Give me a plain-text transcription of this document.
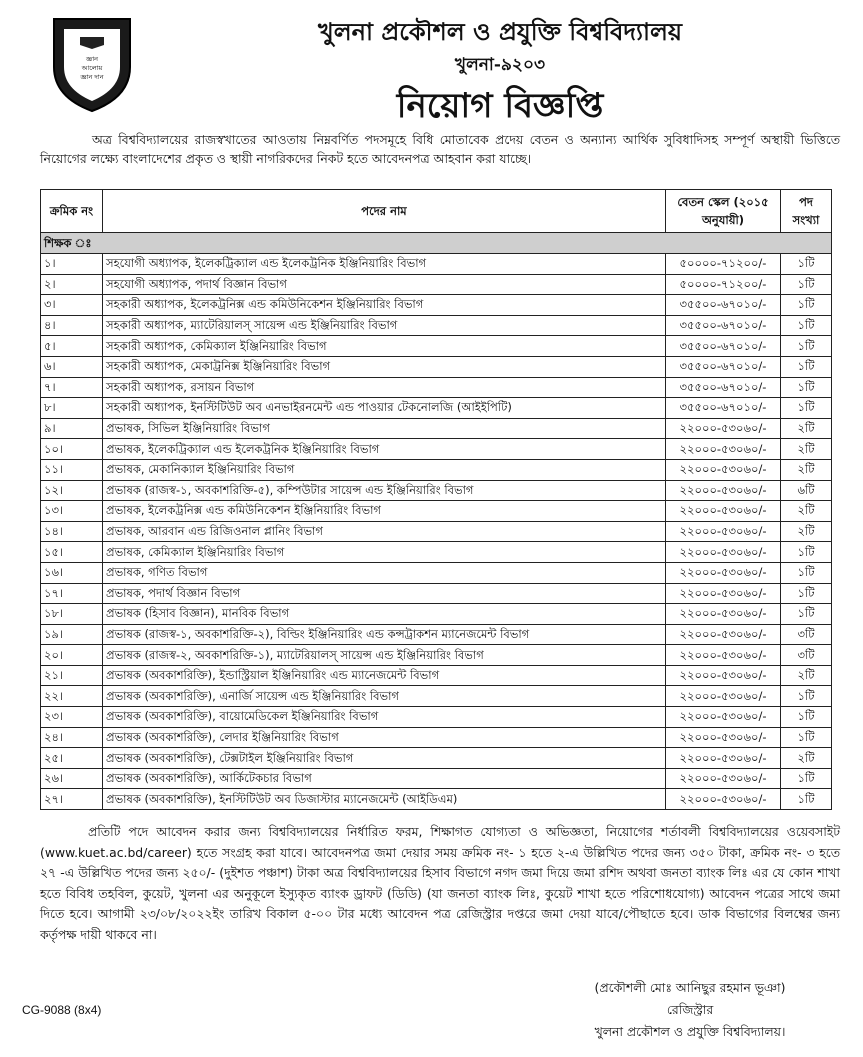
জ্ঞান
আলোয়
জ্ঞান দান
খুলনা প্রকৌশল ও প্রযুক্তি বিশ্ববিদ্যালয়
খুলনা-৯২০৩
নিয়োগ বিজ্ঞপ্তি
অত্র বিশ্ববিদ্যালয়ের রাজস্বখাতের আওতায় নিম্নবর্ণিত পদসমূহে বিধি মোতাবেক প্রদেয় বেতন ও অন্যান্য আর্থিক সুবিধাদিসহ সম্পূর্ণ অস্থায়ী ভিত্তিতে নিয়োগের লক্ষ্যে বাংলাদেশের প্রকৃত ও স্থায়ী নাগরিকদের নিকট হতে আবেদনপত্র আহবান করা যাচ্ছে।
ক্রমিক নং	পদের নাম	বেতন স্কেল (২০১৫ অনুযায়ী)	পদ সংখ্যা
শিক্ষক ঃ			
১।	সহযোগী অধ্যাপক, ইলেকট্রিক্যাল এন্ড ইলেকট্রনিক ইঞ্জিনিয়ারিং বিভাগ	৫০০০০-৭১২০০/-	১টি
২।	সহযোগী অধ্যাপক, পদার্থ বিজ্ঞান বিভাগ	৫০০০০-৭১২০০/-	১টি
৩।	সহকারী অধ্যাপক, ইলেকট্রনিক্স এন্ড কমিউনিকেশন ইঞ্জিনিয়ারিং বিভাগ	৩৫৫০০-৬৭০১০/-	১টি
৪।	সহকারী অধ্যাপক, ম্যাটেরিয়ালস্ সায়েন্স এন্ড ইঞ্জিনিয়ারিং বিভাগ	৩৫৫০০-৬৭০১০/-	১টি
৫।	সহকারী অধ্যাপক, কেমিক্যাল ইঞ্জিনিয়ারিং বিভাগ	৩৫৫০০-৬৭০১০/-	১টি
৬।	সহকারী অধ্যাপক, মেকাট্রনিক্স ইঞ্জিনিয়ারিং বিভাগ	৩৫৫০০-৬৭০১০/-	১টি
৭।	সহকারী অধ্যাপক, রসায়ন বিভাগ	৩৫৫০০-৬৭০১০/-	১টি
৮।	সহকারী অধ্যাপক, ইনস্টিটিউট অব এনভাইরনমেন্ট এন্ড পাওয়ার টেকনোলজি (আইইপিটি)	৩৫৫০০-৬৭০১০/-	১টি
৯।	প্রভাষক, সিভিল ইঞ্জিনিয়ারিং বিভাগ	২২০০০-৫৩০৬০/-	২টি
১০।	প্রভাষক, ইলেকট্রিক্যাল এন্ড ইলেকট্রনিক ইঞ্জিনিয়ারিং বিভাগ	২২০০০-৫৩০৬০/-	২টি
১১।	প্রভাষক, মেকানিক্যাল ইঞ্জিনিয়ারিং বিভাগ	২২০০০-৫৩০৬০/-	২টি
১২।	প্রভাষক (রাজস্ব-১, অবকাশরিক্তি-৫), কম্পিউটার সায়েন্স এন্ড ইঞ্জিনিয়ারিং বিভাগ	২২০০০-৫৩০৬০/-	৬টি
১৩।	প্রভাষক, ইলেকট্রনিক্স এন্ড কমিউনিকেশন ইঞ্জিনিয়ারিং বিভাগ	২২০০০-৫৩০৬০/-	২টি
১৪।	প্রভাষক, আরবান এন্ড রিজিওনাল প্লানিং বিভাগ	২২০০০-৫৩০৬০/-	২টি
১৫।	প্রভাষক, কেমিক্যাল ইঞ্জিনিয়ারিং বিভাগ	২২০০০-৫৩০৬০/-	১টি
১৬।	প্রভাষক, গণিত বিভাগ	২২০০০-৫৩০৬০/-	১টি
১৭।	প্রভাষক, পদার্থ বিজ্ঞান বিভাগ	২২০০০-৫৩০৬০/-	১টি
১৮।	প্রভাষক (হিসাব বিজ্ঞান), মানবিক বিভাগ	২২০০০-৫৩০৬০/-	১টি
১৯।	প্রভাষক (রাজস্ব-১, অবকাশরিক্তি-২), বিল্ডিং ইঞ্জিনিয়ারিং এন্ড কন্সট্রাকশন ম্যানেজমেন্ট বিভাগ	২২০০০-৫৩০৬০/-	৩টি
২০।	প্রভাষক (রাজস্ব-২, অবকাশরিক্তি-১), ম্যাটেরিয়ালস্ সায়েন্স এন্ড ইঞ্জিনিয়ারিং বিভাগ	২২০০০-৫৩০৬০/-	৩টি
২১।	প্রভাষক (অবকাশরিক্তি), ইন্ডাস্ট্রিয়াল ইঞ্জিনিয়ারিং এন্ড ম্যানেজমেন্ট বিভাগ	২২০০০-৫৩০৬০/-	২টি
২২।	প্রভাষক (অবকাশরিক্তি), এনার্জি সায়েন্স এন্ড ইঞ্জিনিয়ারিং বিভাগ	২২০০০-৫৩০৬০/-	১টি
২৩।	প্রভাষক (অবকাশরিক্তি), বায়োমেডিকেল ইঞ্জিনিয়ারিং বিভাগ	২২০০০-৫৩০৬০/-	১টি
২৪।	প্রভাষক (অবকাশরিক্তি), লেদার ইঞ্জিনিয়ারিং বিভাগ	২২০০০-৫৩০৬০/-	১টি
২৫।	প্রভাষক (অবকাশরিক্তি), টেক্সটাইল ইঞ্জিনিয়ারিং বিভাগ	২২০০০-৫৩০৬০/-	২টি
২৬।	প্রভাষক (অবকাশরিক্তি), আর্কিটেকচার বিভাগ	২২০০০-৫৩০৬০/-	১টি
২৭।	প্রভাষক (অবকাশরিক্তি), ইনস্টিটিউট অব ডিজাস্টার ম্যানেজমেন্ট (আইডিএম)	২২০০০-৫৩০৬০/-	১টি
প্রতিটি পদে আবেদন করার জন্য বিশ্ববিদ্যালয়ের নির্ধারিত ফরম, শিক্ষাগত যোগ্যতা ও অভিজ্ঞতা, নিয়োগের শর্তাবলী বিশ্ববিদ্যালয়ের ওয়েবসাইট (www.kuet.ac.bd/career) হতে সংগ্রহ করা যাবে। আবেদনপত্র জমা দেয়ার সময় ক্রমিক নং- ১ হতে ২-এ উল্লিখিত পদের জন্য ৩৫০ টাকা, ক্রমিক নং- ৩ হতে ২৭ -এ উল্লিখিত পদের জন্য ২৫০/- (দুইশত পঞ্চাশ) টাকা অত্র বিশ্ববিদ্যালয়ের হিসাব বিভাগে নগদ জমা দিয়ে জমা রশিদ অথবা জনতা ব্যাংক লিঃ এর যে কোন শাখা হতে বিবিধ তহবিল, কুয়েট, খুলনা এর অনুকূলে ইস্যুকৃত ব্যাংক ড্রাফট (ডিডি) (যা জনতা ব্যাংক লিঃ, কুয়েট শাখা হতে পরিশোধযোগ্য) আবেদন পত্রের সাথে জমা দিতে হবে। আগামী ২৩/০৮/২০২২ইং তারিখ বিকাল ৫-০০ টার মধ্যে আবেদন পত্র রেজিস্ট্রার দপ্তরে জমা দেয়া যাবে/পৌছাতে হবে। ডাক বিভাগের বিলম্বের জন্য কর্তৃপক্ষ দায়ী থাকবে না।
CG-9088 (8x4)
(প্রকৌশলী মোঃ আনিছুর রহমান ভূঞা)
রেজিস্ট্রার
খুলনা প্রকৌশল ও প্রযুক্তি বিশ্ববিদ্যালয়।
